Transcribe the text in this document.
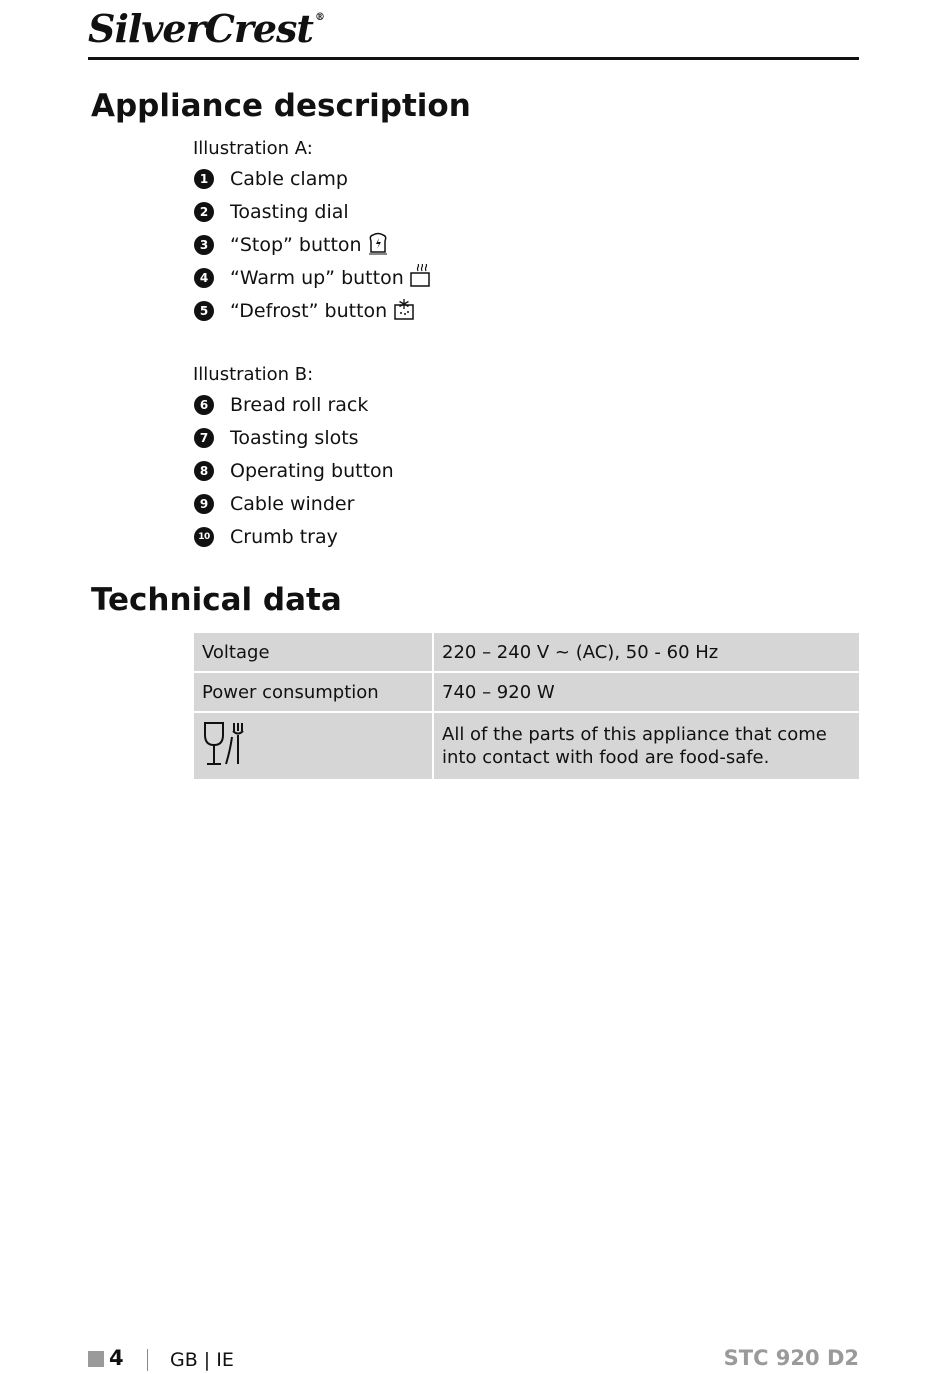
SilverCrest ®
Appliance description
Illustration A:
1	Cable clamp
2	Toasting dial
3	“Stop” button
4	“Warm up” button
5	“Defrost” button
Illustration B:
6	Bread roll rack
7	Toasting slots
8	Operating button
9	Cable winder
10 Crumb tray
Technical data
Voltage	220 – 240 V ~ (AC), 50 - 60 Hz
Power consumption	740 – 920 W
	All of the parts of this appliance that come into contact with food are food-safe.
4 GB | IE	STC 920 D2
